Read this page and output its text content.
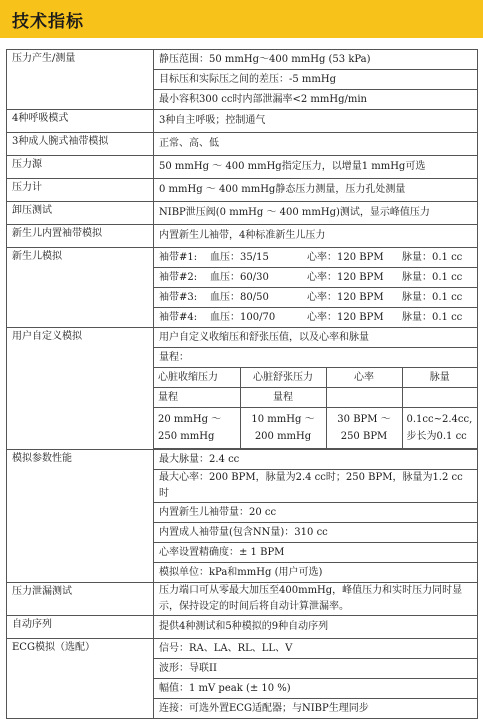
技术指标
压力产生/测量	静压范围：50 mmHg～400 mmHg (53 kPa)
目标压和实际压之间的差压：-5 mmHg
最小容积300 cc时内部泄漏率<2 mmHg/min
4种呼吸模式	3种自主呼吸；控制通气
3种成人腕式袖带模拟	正常、高、低
压力源	50 mmHg ～ 400 mmHg指定压力，以增量1 mmHg可选
压力计	0 mmHg ～ 400 mmHg静态压力测量，压力孔处测量
卸压测试	NIBP泄压阀(0 mmHg ～ 400 mmHg)测试，显示峰值压力
新生儿内置袖带模拟	内置新生儿袖带，4种标准新生儿压力
新生儿模拟	袖带#1:	血压：35/15	心率：120 BPM	脉量：0.1 cc

袖带#2:	血压：60/30	心率：120 BPM	脉量：0.1 cc

袖带#3:	血压：80/50	心率：120 BPM	脉量：0.1 cc

袖带#4:	血压：100/70	心率：120 BPM	脉量：0.1 cc

用户自定义模拟	用户自定义收缩压和舒张压值，以及心率和脉量
量程：

心脏收缩压力	心脏舒张压力	心率	脉量
量程	量程		
20 mmHg ～
250 mmHg	10 mmHg ～
200 mmHg	30 BPM ～
250 BPM	0.1cc~2.4cc,
步长为0.1 cc

模拟参数性能	最大脉量：2.4 cc
最大心率：200 BPM，脉量为2.4 cc时；250 BPM，脉量为1.2 cc时
内置新生儿袖带量：20 cc
内置成人袖带量(包含NN量)：310 cc
心率设置精确度：± 1 BPM
模拟单位：kPa和mmHg (用户可选)
压力泄漏测试	压力端口可从零最大加压至400mmHg，峰值压力和实时压力同时显示，保持设定的时间后将自动计算泄漏率。
自动序列	提供4种测试和5种模拟的9种自动序列
ECG模拟（选配）	信号：RA、LA、RL、LL、V
波形：导联II
幅值：1 mV peak (± 10 %)
连接：可选外置ECG适配器；与NIBP生理同步
